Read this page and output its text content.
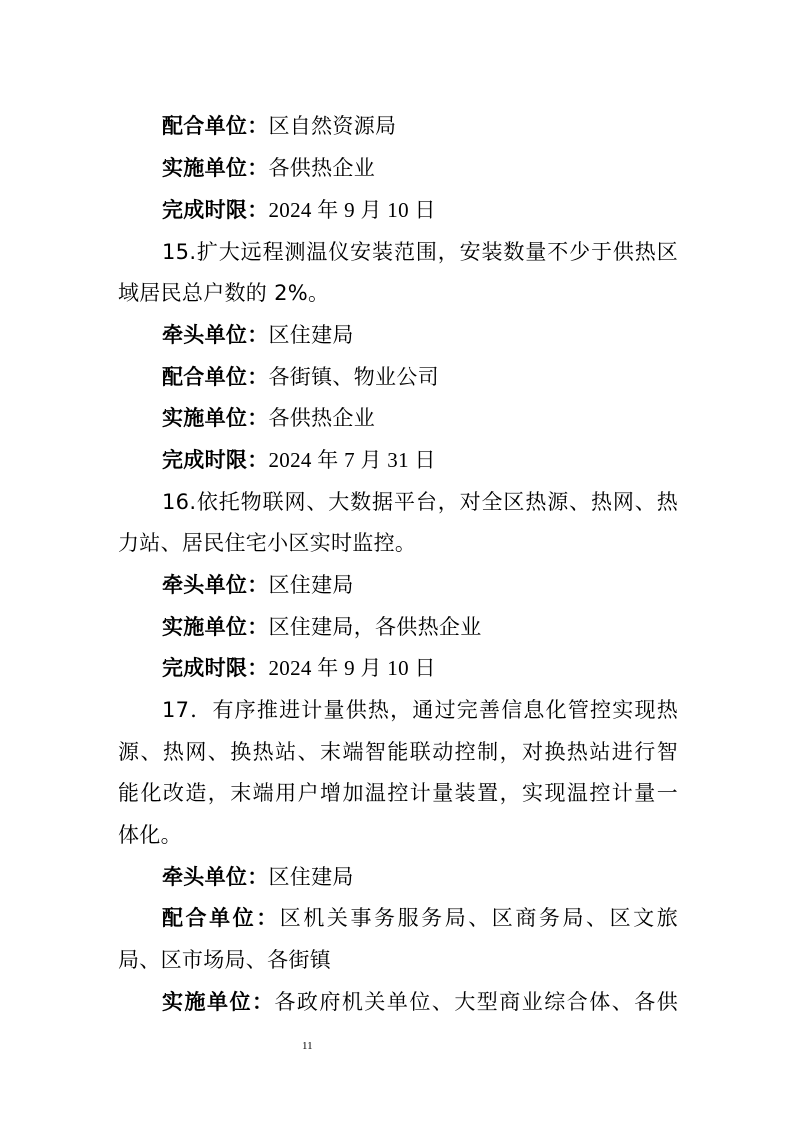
配合单位：区自然资源局
实施单位：各供热企业
完成时限：2024 年 9 月 10 日
15.扩大远程测温仪安装范围，安装数量不少于供热区
域居民总户数的 2%。
牵头单位：区住建局
配合单位：各街镇、物业公司
实施单位：各供热企业
完成时限：2024 年 7 月 31 日
16.依托物联网、大数据平台，对全区热源、热网、热
力站、居民住宅小区实时监控。
牵头单位：区住建局
实施单位：区住建局，各供热企业
完成时限：2024 年 9 月 10 日
17．有序推进计量供热，通过完善信息化管控实现热
源、热网、换热站、末端智能联动控制，对换热站进行智
能化改造，末端用户增加温控计量装置，实现温控计量一
体化。
牵头单位：区住建局
配合单位：区机关事务服务局、区商务局、区文旅
局、区市场局、各街镇
实施单位：各政府机关单位、大型商业综合体、各供
11
